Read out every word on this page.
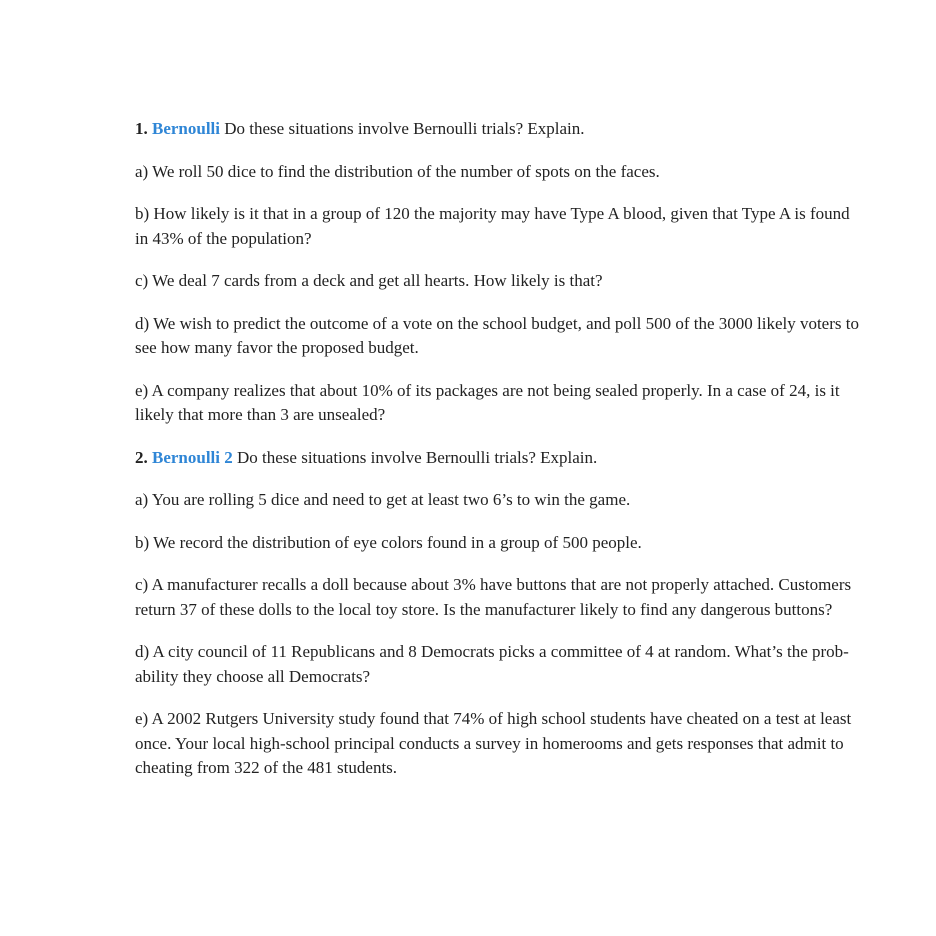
1. Bernoulli Do these situations involve Bernoulli trials? Explain.

a) We roll 50 dice to find the distribution of the number of spots on the faces.

b) How likely is it that in a group of 120 the majority may have Type A blood, given that Type A is found in 43% of the population?

c) We deal 7 cards from a deck and get all hearts. How likely is that?

d) We wish to predict the outcome of a vote on the school budget, and poll 500 of the 3000 likely voters to see how many favor the proposed budget.

e) A company realizes that about 10% of its packages are not being sealed properly. In a case of 24, is it likely that more than 3 are unsealed?

2. Bernoulli 2 Do these situations involve Bernoulli trials? Explain.

a) You are rolling 5 dice and need to get at least two 6’s to win the game.

b) We record the distribution of eye colors found in a group of 500 people.

c) A manufacturer recalls a doll because about 3% have buttons that are not properly attached. Customers return 37 of these dolls to the local toy store. Is the manufacturer likely to find any dangerous buttons?

d) A city council of 11 Republicans and 8 Democrats picks a committee of 4 at random. What’s the prob- ability they choose all Democrats?

e) A 2002 Rutgers University study found that 74% of high school students have cheated on a test at least once. Your local high-school principal conducts a survey in homerooms and gets responses that admit to cheating from 322 of the 481 students.
